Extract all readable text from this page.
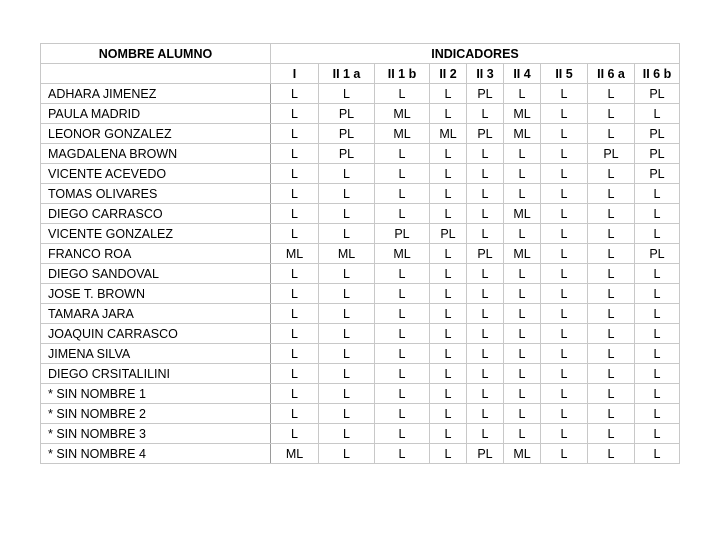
NOMBRE ALUMNO	INDICADORES								
	I	II 1 a	II 1 b	II 2	II 3	II 4	II 5	II 6 a	II 6 b
ADHARA JIMENEZ	L	L	L	L	PL	L	L	L	PL
PAULA MADRID	L	PL	ML	L	L	ML	L	L	L
LEONOR GONZALEZ	L	PL	ML	ML	PL	ML	L	L	PL
MAGDALENA BROWN	L	PL	L	L	L	L	L	PL	PL
VICENTE ACEVEDO	L	L	L	L	L	L	L	L	PL
TOMAS OLIVARES	L	L	L	L	L	L	L	L	L
DIEGO CARRASCO	L	L	L	L	L	ML	L	L	L
VICENTE GONZALEZ	L	L	PL	PL	L	L	L	L	L
FRANCO ROA	ML	ML	ML	L	PL	ML	L	L	PL
DIEGO SANDOVAL	L	L	L	L	L	L	L	L	L
JOSE T. BROWN	L	L	L	L	L	L	L	L	L
TAMARA JARA	L	L	L	L	L	L	L	L	L
JOAQUIN CARRASCO	L	L	L	L	L	L	L	L	L
JIMENA SILVA	L	L	L	L	L	L	L	L	L
DIEGO CRSITALILINI	L	L	L	L	L	L	L	L	L
* SIN NOMBRE 1	L	L	L	L	L	L	L	L	L
* SIN NOMBRE 2	L	L	L	L	L	L	L	L	L
* SIN NOMBRE 3	L	L	L	L	L	L	L	L	L
* SIN NOMBRE 4	ML	L	L	L	PL	ML	L	L	L
